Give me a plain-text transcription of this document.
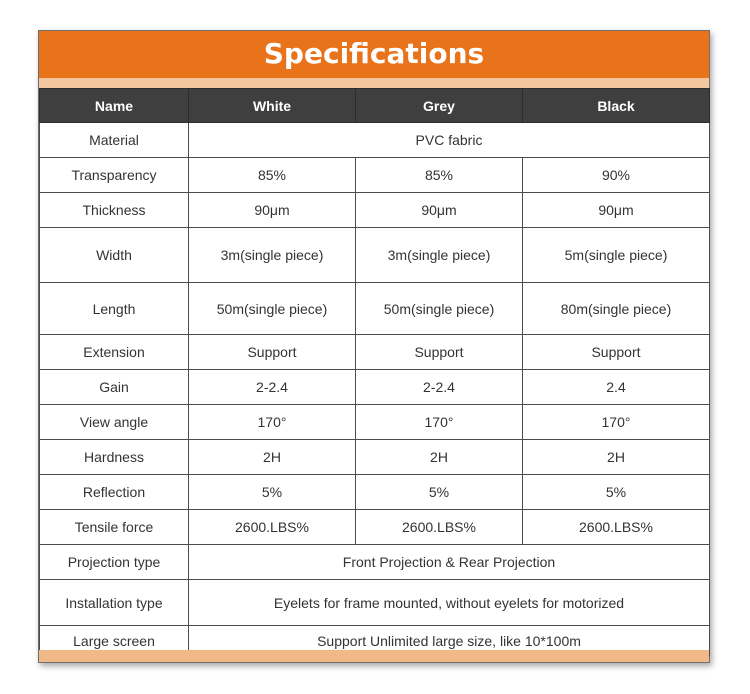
Specifications
Name	White	Grey	Black
Material	PVC fabric		
Transparency	85%	85%	90%
Thickness	90μm	90μm	90μm
Width	3m(single piece)	3m(single piece)	5m(single piece)
Length	50m(single piece)	50m(single piece)	80m(single piece)
Extension	Support	Support	Support
Gain	2-2.4	2-2.4	2.4
View angle	170°	170°	170°
Hardness	2H	2H	2H
Reflection	5%	5%	5%
Tensile force	2600.LBS%	2600.LBS%	2600.LBS%
Projection type	Front Projection & Rear Projection		
Installation type	Eyelets for frame mounted, without eyelets for motorized		
Large screen	Support Unlimited large size, like 10*100m		
